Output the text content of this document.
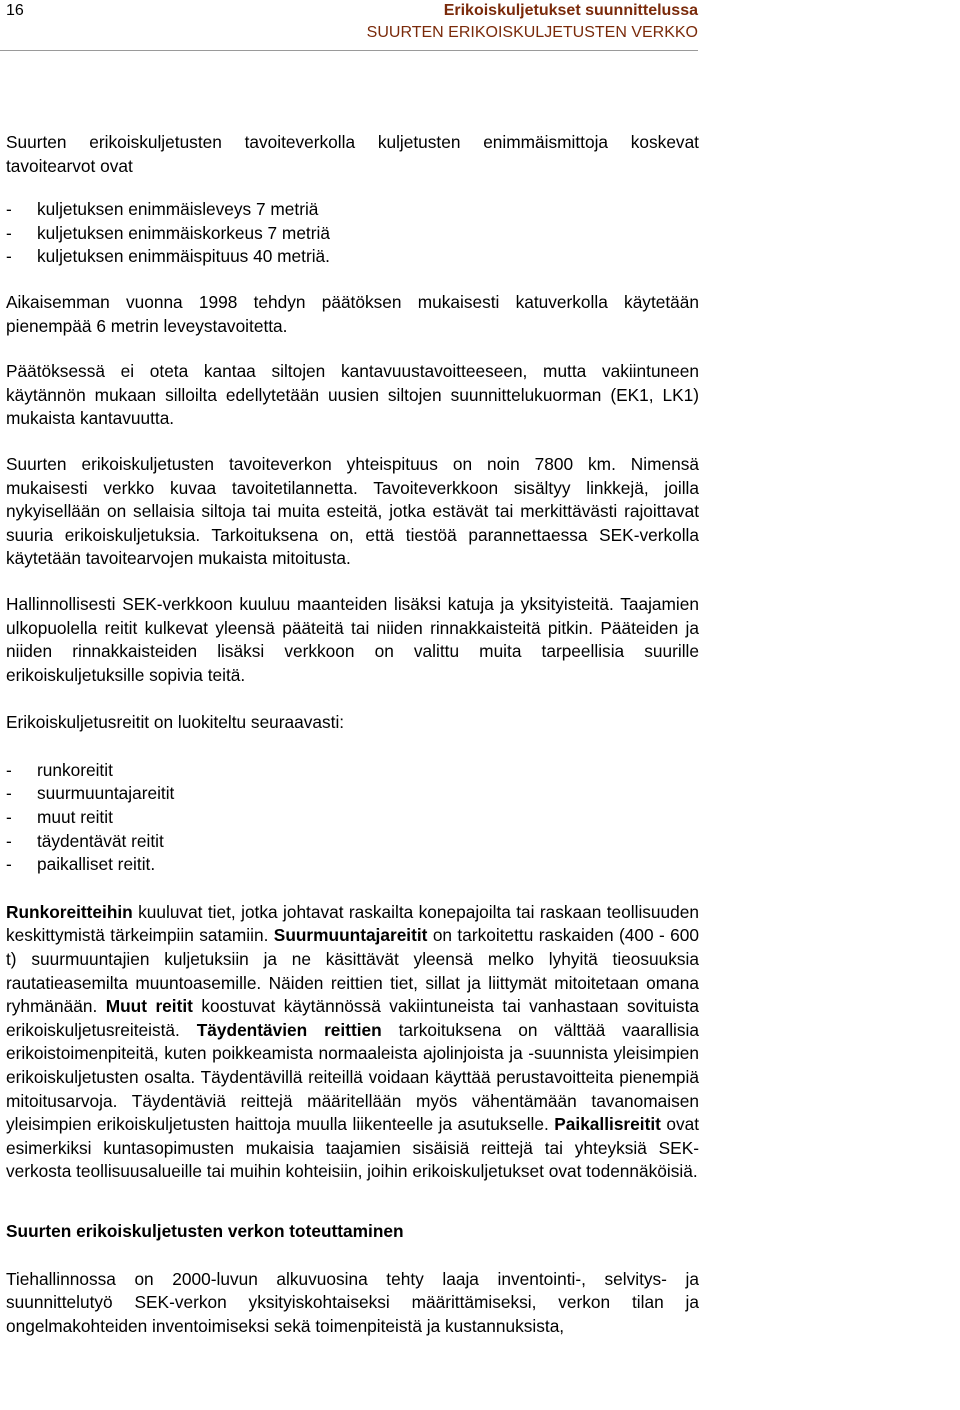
16	Erikoiskuljetukset suunnittelussa
SUURTEN ERIKOISKULJETUSTEN VERKKO

Suurten erikoiskuljetusten tavoiteverkolla kuljetusten enimmäismittoja koskevat tavoitearvot ovat

- kuljetuksen enimmäisleveys 7 metriä
- kuljetuksen enimmäiskorkeus 7 metriä
- kuljetuksen enimmäispituus 40 metriä.

Aikaisemman vuonna 1998 tehdyn päätöksen mukaisesti katuverkolla käytetään pienempää 6 metrin leveystavoitetta.

Päätöksessä ei oteta kantaa siltojen kantavuustavoitteeseen, mutta vakiintuneen käytännön mukaan silloilta edellytetään uusien siltojen suunnittelukuorman (EK1, LK1) mukaista kantavuutta.

Suurten erikoiskuljetusten tavoiteverkon yhteispituus on noin 7800 km. Nimensä mukaisesti verkko kuvaa tavoitetilannetta. Tavoiteverkkoon sisältyy linkkejä, joilla nykyisellään on sellaisia siltoja tai muita esteitä, jotka estävät tai merkittävästi rajoittavat suuria erikoiskuljetuksia. Tarkoituksena on, että tiestöä parannettaessa SEK-verkolla käytetään tavoitearvojen mukaista mitoitusta.

Hallinnollisesti SEK-verkkoon kuuluu maanteiden lisäksi katuja ja yksityisteitä. Taajamien ulkopuolella reitit kulkevat yleensä pääteitä tai niiden rinnakkaisteitä pitkin. Pääteiden ja niiden rinnakkaisteiden lisäksi verkkoon on valittu muita tarpeellisia suurille erikoiskuljetuksille sopivia teitä.

Erikoiskuljetusreitit on luokiteltu seuraavasti:

- runkoreitit
- suurmuuntajareitit
- muut reitit
- täydentävät reitit
- paikalliset reitit.

Runkoreitteihin kuuluvat tiet, jotka johtavat raskailta konepajoilta tai raskaan teollisuuden keskittymistä tärkeimpiin satamiin. Suurmuuntajareitit on tarkoitettu raskaiden (400 - 600 t) suurmuuntajien kuljetuksiin ja ne käsittävät yleensä melko lyhyitä tieosuuksia rautatieasemilta muuntoasemille. Näiden reittien tiet, sillat ja liittymät mitoitetaan omana ryhmänään. Muut reitit koostuvat käytännössä vakiintuneista tai vanhastaan sovituista erikoiskuljetusreiteistä. Täydentävien reittien tarkoituksena on välttää vaarallisia erikoistoimenpiteitä, kuten poikkeamista normaaleista ajolinjoista ja -suunnista yleisimpien erikoiskuljetusten osalta. Täydentävillä reiteillä voidaan käyttää perustavoitteita pienempiä mitoitusarvoja. Täydentäviä reittejä määritellään myös vähentämään tavanomaisen yleisimpien erikoiskuljetusten haittoja muulla liikenteelle ja asutukselle. Paikallisreitit ovat esimerkiksi kuntasopimusten mukaisia taajamien sisäisiä reittejä tai yhteyksiä SEK-verkosta teollisuusalueille tai muihin kohteisiin, joihin erikoiskuljetukset ovat todennäköisiä.

Suurten erikoiskuljetusten verkon toteuttaminen

Tiehallinnossa on 2000-luvun alkuvuosina tehty laaja inventointi-, selvitys- ja suunnittelutyö SEK-verkon yksityiskohtaiseksi määrittämiseksi, verkon tilan ja ongelmakohteiden inventoimiseksi sekä toimenpiteistä ja kustannuksista,
